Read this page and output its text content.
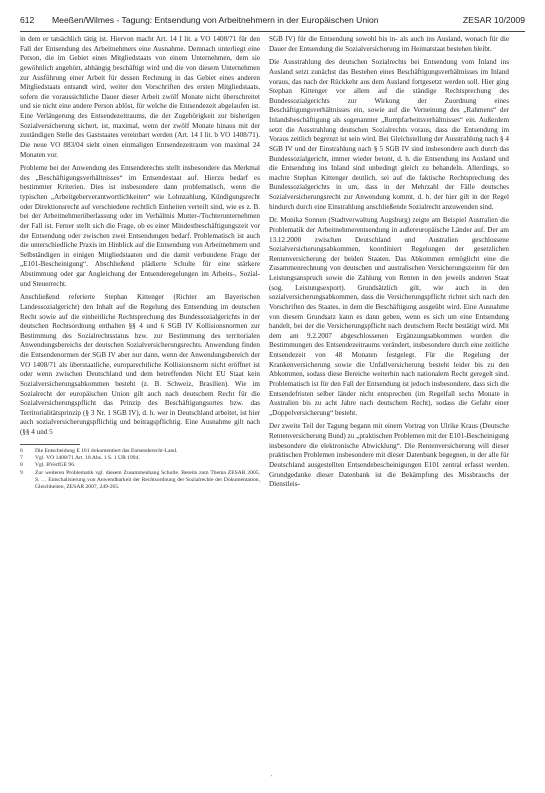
612	Meeßen/Wilmes - Tagung: Entsendung von Arbeitnehmern in der Europäischen Union	ZESAR 10/2009

in dem er tatsächlich tätig ist. Hiervon macht Art. 14 I lit. a VO 1408/71 für den Fall der Entsendung des Arbeitnehmers eine Ausnahme. Demnach unterliegt eine Person, die im Gebiet eines Mitgliedstaats von einem Unternehmen, dem sie gewöhnlich angehört, abhängig beschäftigt wird und die von diesem Unternehmen zur Ausführung einer Arbeit für dessen Rechnung in das Gebiet eines anderen Mitgliedstaats entsandt wird, weiter den Vorschriften des ersten Mitgliedstaats, sofern die voraussichtliche Dauer dieser Arbeit zwölf Monate nicht überschreitet und sie nicht eine andere Person ablöst, für welche die Entsendezeit abgelaufen ist. Eine Verlängerung des Entsendezeitraums, die der Zugehörigkeit zur bisherigen Sozialversicherung sichert, ist, maximal, wenn der zwölf Monate hinaus mit der zuständigen Stelle des Gaststaates vereinbart werden (Art. 14 I lit. b VO 1408/71). Die neue VO 883/04 sieht einen einmaligen Entsendezeitraum von maximal 24 Monaten vor.

Probleme bei der Anwendung des Entsenderechts stellt insbesondere das Merkmal des „Beschäftigungsverhältnisses“ im Entsendestaat auf. Hierzu bedarf es bestimmter Kriterien. Dies ist insbesondere dann problematisch, wenn die typischen „Arbeitgeberverantwortlichkeiten“ wie Lohnzahlung, Kündigungsrecht oder Direktionsrecht auf verschiedene rechtlich Einheiten verteilt sind, wie es z. B. bei der Arbeitnehmerüberlassung oder im Verhältnis Mutter-/Tochterunternehmen der Fall ist. Ferner stellt sich die Frage, ob es einer Mindestbeschäftigungszeit vor der Entsendung oder zwischen zwei Entsendungen bedarf. Problematisch ist auch die unterschiedliche Praxis im Hinblick auf die Entsendung von Arbeitnehmern und Selbständigen in einigen Mitgliedstaaten und die damit verbundene Frage der „E101-Bescheinigung“. Abschließend plädierte Schulte für eine stärkere Abstimmung oder gar Angleichung der Entsenderegelungen im Arbeits-, Sozial- und Steuerrecht.

Anschließend referierte Stephan Kittenger (Richter am Bayerischen Landessozialgericht) den Inhalt auf die Regelung des Entsendung im deutschen Recht sowie auf die einheitliche Rechtsprechung des Bundessozialgerichts in der deutschen Rechtsordnung enthalten §§ 4 und 6 SGB IV Kollisionsnormen zur Bestimmung des Sozialrechtsstatus bzw. zur Bestimmung des territorialen Anwendungsbereichs der deutschen Sozialversicherungsrechts. Anwendung finden die Entsendenormen der SGB IV aber nur dann, wenn der Anwendungsbereich der VO 1408/71 als überstaatliche, europarechtliche Kollisionsnorm nicht eröffnet ist oder wenn zwischen Deutschland und dem betreffenden Nicht EU Staat kein Sozialversicherungsabkommen besteht (z. B. Schweiz, Brasilien). Wie im Sozialrecht der europäischen Union gilt auch nach deutschem Recht für die Sozialversicherungspflicht das Prinzip des Beschäftigungsortes bzw. das Territorialitätsprinzip (§ 3 Nr. 1 SGB IV), d. h. wer in Deutschland arbeitet, ist hier auch sozialversicherungspflichtig und beitragspflichtig. Eine Ausnahme gilt nach (§§ 4 und 5

6	Die Entscheidung E 101 dokumentiert das Entsenderecht-Land.
7	Vgl. VO 1408/71 Art. 18 Abs. 1 S. 1 UR 1994.
8	Vgl. BVerfGE 96.
9	Zur weiteren Problematik vgl. diesem Zusammenhang Schulte. Bereits zum Thema ZESAR 2005, S. … Entschalisierung von Anwendbarkeit der Rechtsordnung der Sozialrechte der Dokumentation, Gleichheiten, ZESAR 2007, 249-265.

SGB IV) für die Entsendung sowohl bis in- als auch ins Ausland, wonach für die Dauer der Entsendung die Sozialversicherung im Heimatstaat bestehen bleibt.

Die Ausstrahlung des deutschen Sozialrechts bei Entsendung vom Inland ins Ausland setzt zunächst das Bestehen eines Beschäftigungsverhältnisses im Inland voraus, das nach der Rückkehr aus dem Ausland fortgesetzt werden soll. Hier ging Stephan Kittenger vor allem auf die ständige Rechtsprechung des Bundessozialgerichts zur Wirkung der Zuordnung eines Beschäftigungsverhältnisses ein, sowie auf die Verneinung des „Rahmens“ der Inlandsbeschäftigung als sogenannter „Rumpfarbeitsverhältnisses“ ein. Außerdem setzt die Ausstrahlung deutschen Sozialrechts voraus, dass die Entsendung im Voraus zeitlich begrenzt ist sein wird. Bei Gleichstellung der Ausstrahlung nach § 4 SGB IV und der Einstrahlung nach § 5 SGB IV sind insbesondere auch durch das Bundessozialgericht, immer wieder betont, d. h. die Entsendung ins Ausland und die Entsendung ins Inland sind unbedingt gleich zu behandeln. Allerdings, so machte Stephan Kittenger deutlich, sei auf die faktische Rechtsprechung des Bundessozialgerichts in um, dass in der Mehrzahl der Fälle deutsches Sozialversicherungsrecht zur Anwendung kommt, d. h. der hier gilt in der Regel hindurch durch eine Einstrahlung anschließende Sozialrecht anzuwenden sind.

Dr. Monika Sonnen (Stadtverwaltung Augsburg) zeigte am Beispiel Australien die Problematik der Arbeitnehmerentsendung in außereuropäische Länder auf. Der am 13.12.2000 zwischen Deutschland und Australien geschlossene Sozialversicherungsabkommen, koordiniert Regelungen der gesetzlichen Rentenversicherung der beiden Staaten. Das Abkommen ermöglicht eine die Zusammenrechnung von deutschen und australischen Versicherungszeiten für den Leistungsanspruch sowie die Zahlung von Renten in den jeweils anderen Staat (sog. Leistungsexport). Grundsätzlich gilt, wie auch in den sozialversicherungsabkommen, dass die Versicherungspflicht richtet sich nach den Vorschriften des Staates, in dem die Beschäftigung ausgeübt wird. Eine Ausnahme von diesem Grundsatz kann es dann geben, wenn es sich um eine Entsendung handelt, bei der die Versicherungspflicht nach deutschem Recht bestätigt wird. Mit dem am 9.2.2007 abgeschlossenen Ergänzungsabkommen wurden die Bestimmungen des Entsendezeitraums verändert, insbesondere durch eine zeitliche Entsendezeit von 48 Monaten festgelegt. Für die Regelung der Krankenversicherung sowie die Unfallversicherung besteht leider bis zu den Abkommen, sodass diese Bereiche weiterhin nach nationalem Recht geregelt sind. Problematisch ist für den Fall der Entsendung ist jedoch insbesondere, dass sich die Entsendefristen selber länder nicht entsprechen (im Regelfall sechs Monate in Australien bis zu acht Jahre nach deutschem Recht), sodass die Gefahr einer „Doppelversicherung“ besteht.

Der zweite Teil der Tagung begann mit einem Vortrag von Ulrike Kraus (Deutsche Rentenversicherung Bund) zu „praktischen Problemen mit der E101-Bescheinigung insbesondere die elektronische Abwicklung“. Die Rentenversicherung will dieser praktischen Problemen insbesondere mit dieser Datenbank begegnen, in der alle für Deutschland ausgestellten Entsendebescheinigungen E101 zentral erfasst werden. Grundgedanke dieser Datenbank ist die Bekämpfung des Missbrauchs der Dienstleis-

'
